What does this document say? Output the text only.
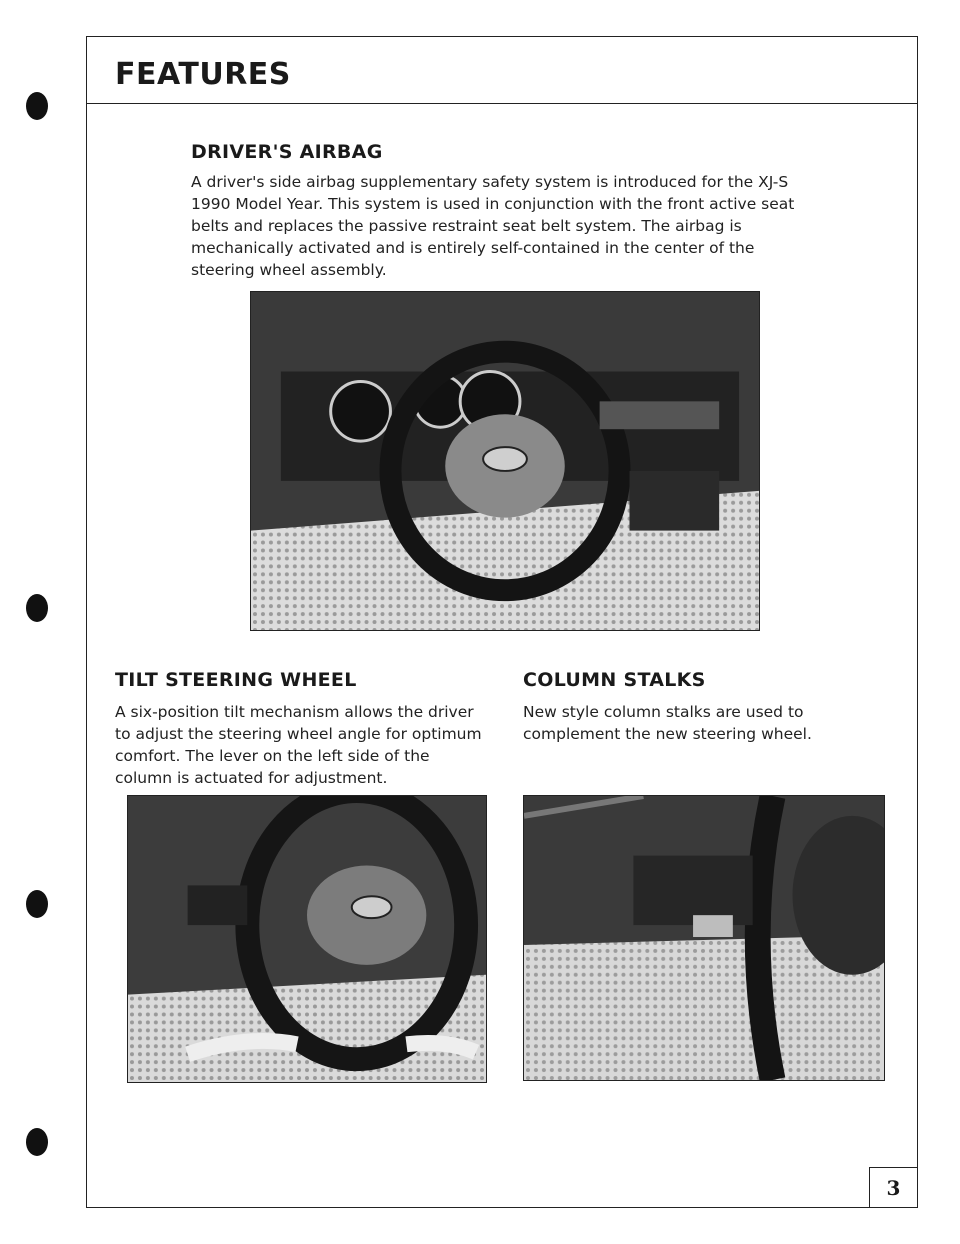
FEATURES
DRIVER'S AIRBAG

A driver's side airbag supplementary safety system is introduced for the XJ-S 1990 Model Year. This system is used in conjunction with the front active seat belts and replaces the passive restraint seat belt system. The airbag is mechanically activated and is entirely self-contained in the center of the steering wheel assembly.

TILT STEERING WHEEL

A six-position tilt mechanism allows the driver to adjust the steering wheel angle for optimum comfort. The lever on the left side of the column is actuated for adjustment.

COLUMN STALKS

New style column stalks are used to complement the new steering wheel.

3
